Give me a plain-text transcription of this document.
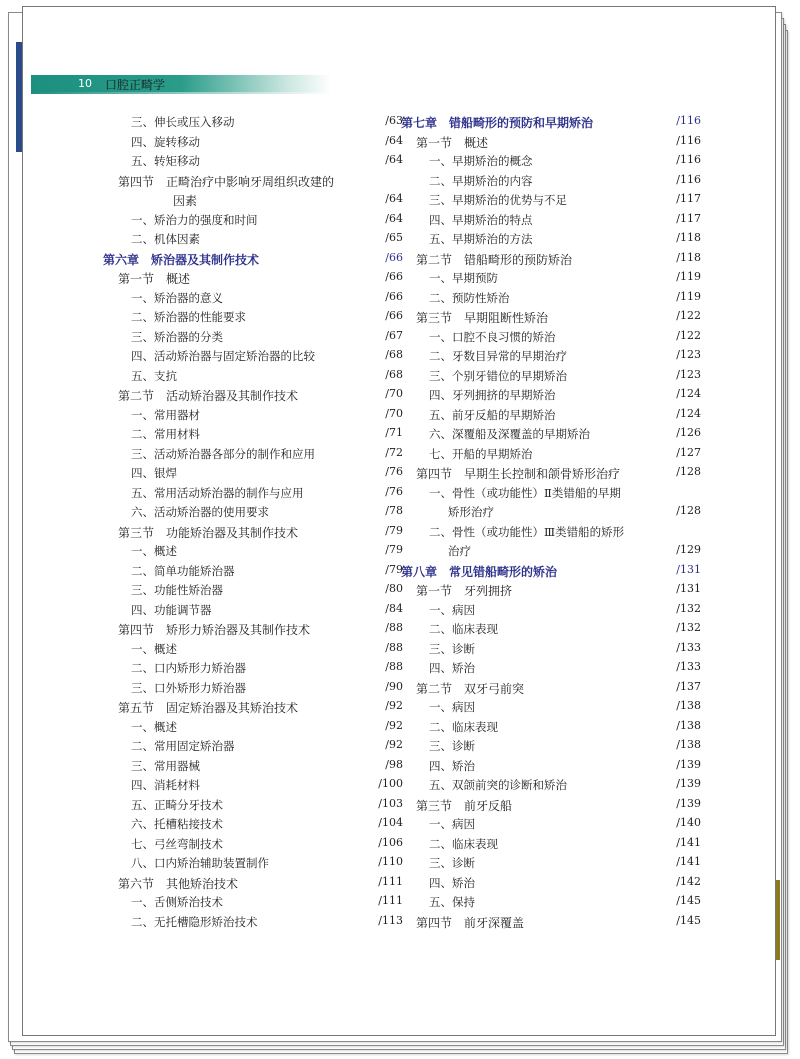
10 口腔正畸学
三、伸长或压入移动	/63
四、旋转移动	/64
五、转矩移动	/64
第四节　正畸治疗中影响牙周组织改建的
因素	/64
一、矫治力的强度和时间	/64
二、机体因素	/65
第六章　矫治器及其制作技术	/66
第一节　概述	/66
一、矫治器的意义	/66
二、矫治器的性能要求	/66
三、矫治器的分类	/67
四、活动矫治器与固定矫治器的比较	/68
五、支抗	/68
第二节　活动矫治器及其制作技术	/70
一、常用器材	/70
二、常用材料	/71
三、活动矫治器各部分的制作和应用	/72
四、银焊	/76
五、常用活动矫治器的制作与应用	/76
六、活动矫治器的使用要求	/78
第三节　功能矫治器及其制作技术	/79
一、概述	/79
二、简单功能矫治器	/79
三、功能性矫治器	/80
四、功能调节器	/84
第四节　矫形力矫治器及其制作技术	/88
一、概述	/88
二、口内矫形力矫治器	/88
三、口外矫形力矫治器	/90
第五节　固定矫治器及其矫治技术	/92
一、概述	/92
二、常用固定矫治器	/92
三、常用器械	/98
四、消耗材料	/100
五、正畸分牙技术	/103
六、托槽粘接技术	/104
七、弓丝弯制技术	/106
八、口内矫治辅助装置制作	/110
第六节　其他矫治技术	/111
一、舌侧矫治技术	/111
二、无托槽隐形矫治技术	/113
第七章　错船畸形的预防和早期矫治	/116
第一节　概述	/116
一、早期矫治的概念	/116
二、早期矫治的内容	/116
三、早期矫治的优势与不足	/117
四、早期矫治的特点	/117
五、早期矫治的方法	/118
第二节　错船畸形的预防矫治	/118
一、早期预防	/119
二、预防性矫治	/119
第三节　早期阻断性矫治	/122
一、口腔不良习惯的矫治	/122
二、牙数目异常的早期治疗	/123
三、个别牙错位的早期矫治	/123
四、牙列拥挤的早期矫治	/124
五、前牙反船的早期矫治	/124
六、深覆船及深覆盖的早期矫治	/126
七、开船的早期矫治	/127
第四节　早期生长控制和颌骨矫形治疗	/128
一、骨性（或功能性）Ⅱ类错船的早期
矫形治疗	/128
二、骨性（或功能性）Ⅲ类错船的矫形
治疗	/129
第八章　常见错船畸形的矫治	/131
第一节　牙列拥挤	/131
一、病因	/132
二、临床表现	/132
三、诊断	/133
四、矫治	/133
第二节　双牙弓前突	/137
一、病因	/138
二、临床表现	/138
三、诊断	/138
四、矫治	/139
五、双颌前突的诊断和矫治	/139
第三节　前牙反船	/139
一、病因	/140
二、临床表现	/141
三、诊断	/141
四、矫治	/142
五、保持	/145
第四节　前牙深覆盖	/145
